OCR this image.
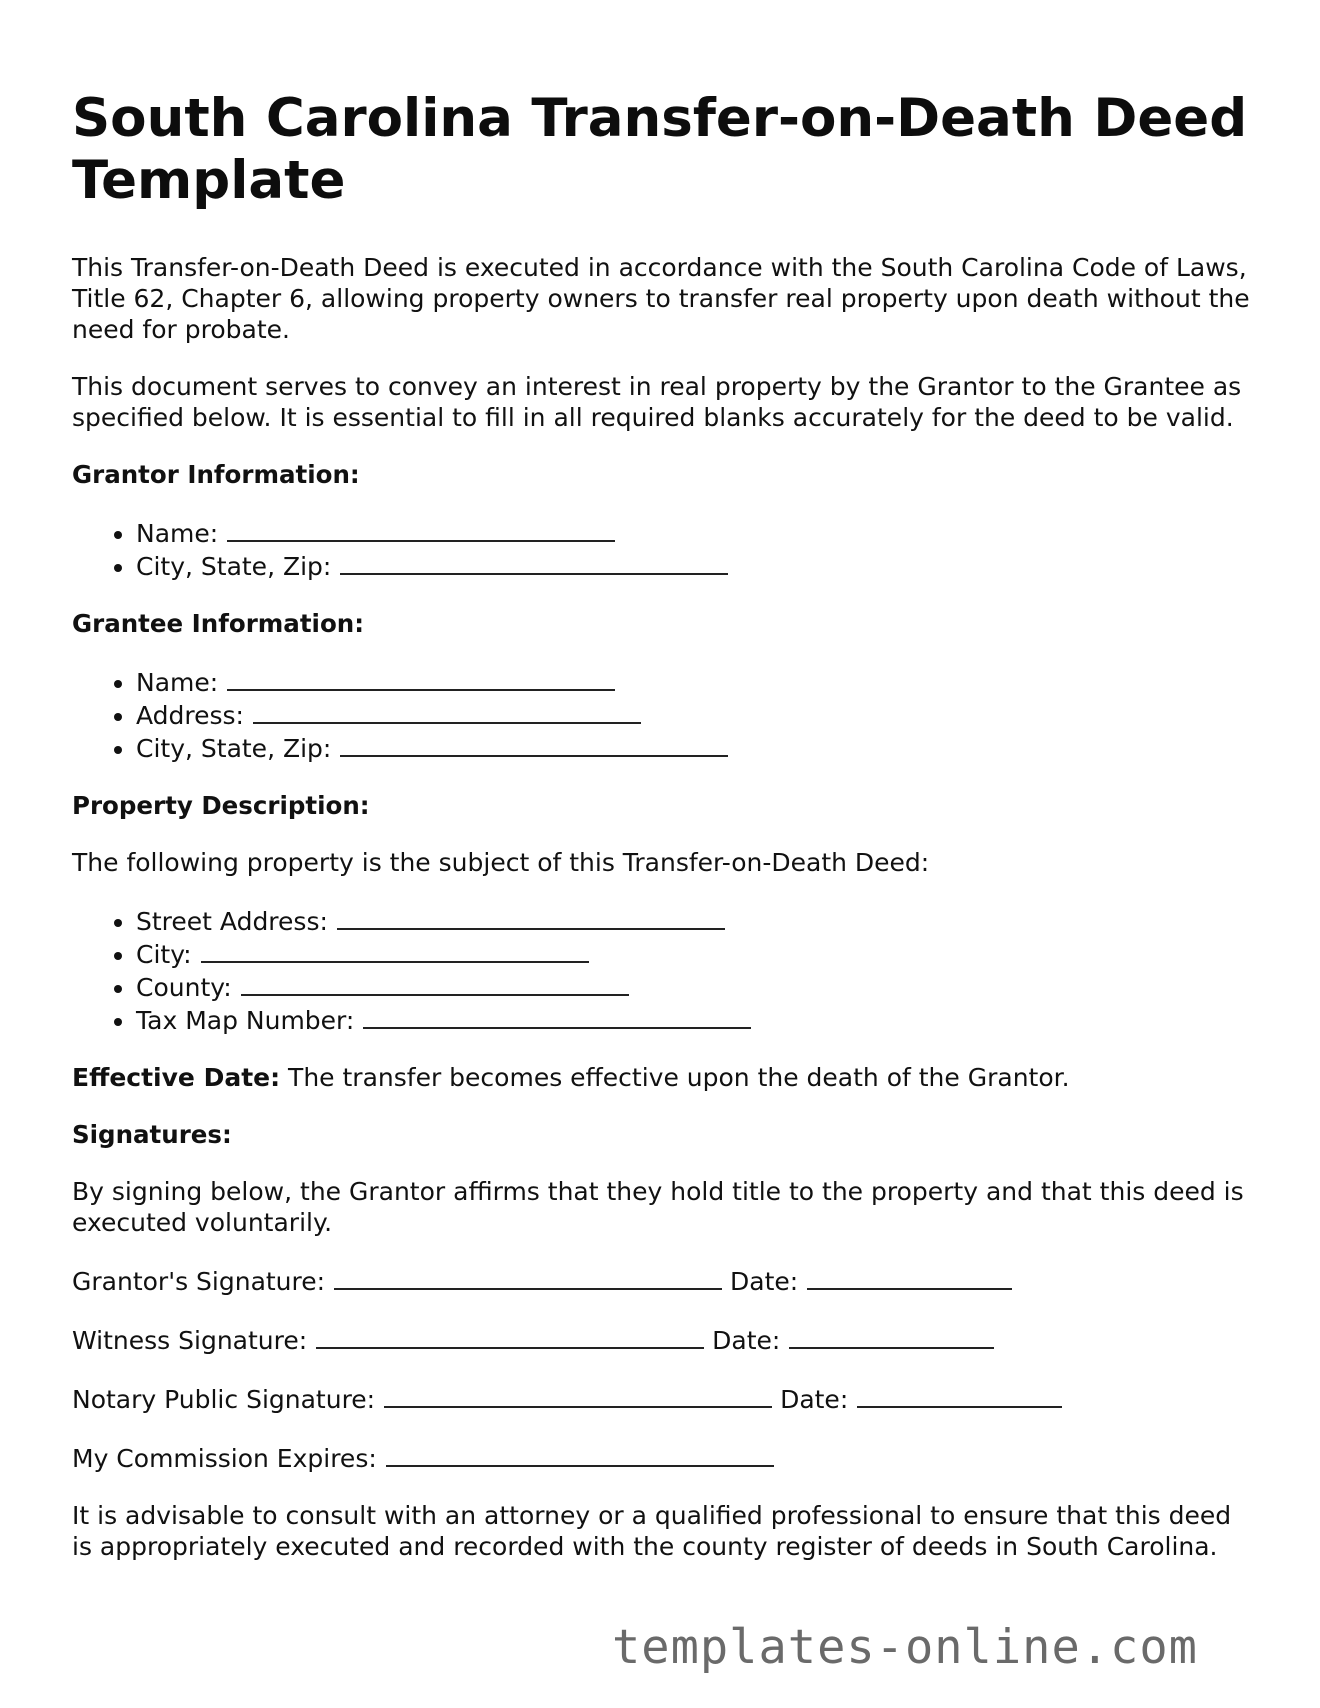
South Carolina Transfer-on-Death Deed Template

This Transfer-on-Death Deed is executed in accordance with the South Carolina Code of Laws, Title 62, Chapter 6, allowing property owners to transfer real property upon death without the need for probate.

This document serves to convey an interest in real property by the Grantor to the Grantee as specified below. It is essential to fill in all required blanks accurately for the deed to be valid.

Grantor Information:
• Name:
• City, State, Zip:
Grantee Information:
• Name:
• Address:
• City, State, Zip:
Property Description:

The following property is the subject of this Transfer-on-Death Deed:

• Street Address:
• City:
• County:
• Tax Map Number:

Effective Date: The transfer becomes effective upon the death of the Grantor.

Signatures:

By signing below, the Grantor affirms that they hold title to the property and that this deed is executed voluntarily.

Grantor's Signature:	Date:

Witness Signature:	Date:

Notary Public Signature:	Date:

My Commission Expires:

It is advisable to consult with an attorney or a qualified professional to ensure that this deed is appropriately executed and recorded with the county register of deeds in South Carolina.

templates-online.com
